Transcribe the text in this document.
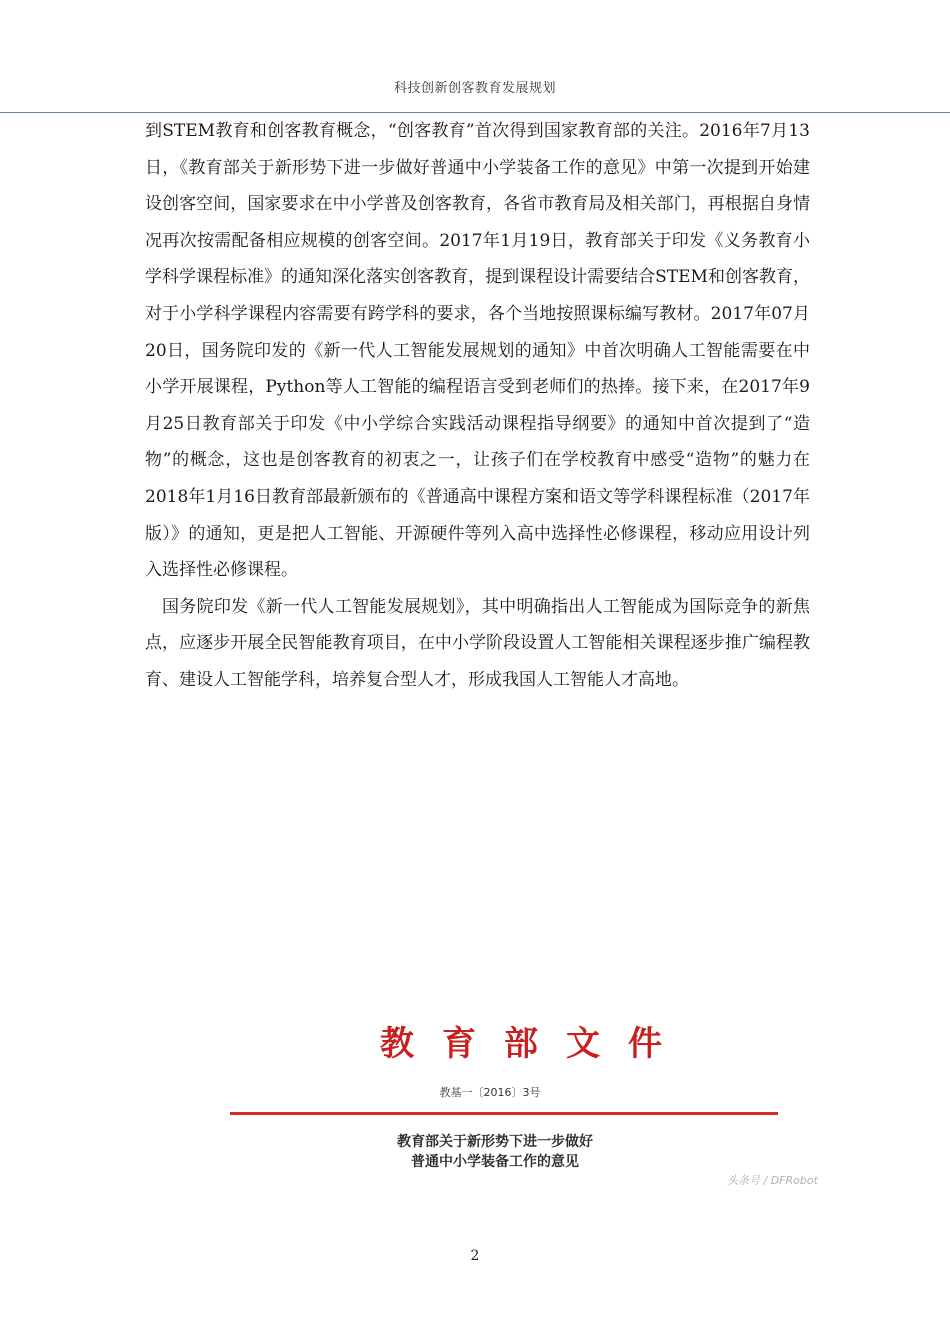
科技创新创客教育发展规划

到STEM教育和创客教育概念，“创客教育”首次得到国家教育部的关注。2016年7月13日，《教育部关于新形势下进一步做好普通中小学装备工作的意见》中第一次提到开始建设创客空间，国家要求在中小学普及创客教育，各省市教育局及相关部门，再根据自身情况再次按需配备相应规模的创客空间。2017年1月19日，教育部关于印发《义务教育小学科学课程标准》的通知深化落实创客教育，提到课程设计需要结合STEM和创客教育，对于小学科学课程内容需要有跨学科的要求，各个当地按照课标编写教材。2017年07月20日，国务院印发的《新一代人工智能发展规划的通知》中首次明确人工智能需要在中小学开展课程，Python等人工智能的编程语言受到老师们的热捧。接下来，在2017年9月25日教育部关于印发《中小学综合实践活动课程指导纲要》的通知中首次提到了“造物”的概念，这也是创客教育的初衷之一，让孩子们在学校教育中感受“造物”的魅力在2018年1月16日教育部最新颁布的《普通高中课程方案和语文等学科课程标准（2017年版）》的通知，更是把人工智能、开源硬件等列入高中选择性必修课程，移动应用设计列入选择性必修课程。

国务院印发《新一代人工智能发展规划》，其中明确指出人工智能成为国际竞争的新焦点，应逐步开展全民智能教育项目，在中小学阶段设置人工智能相关课程逐步推广编程教育、建设人工智能学科，培养复合型人才，形成我国人工智能人才高地。

教育部文件
教基一〔2016〕3号
教育部关于新形势下进一步做好
普通中小学装备工作的意见
头条号 / DFRobot
2
